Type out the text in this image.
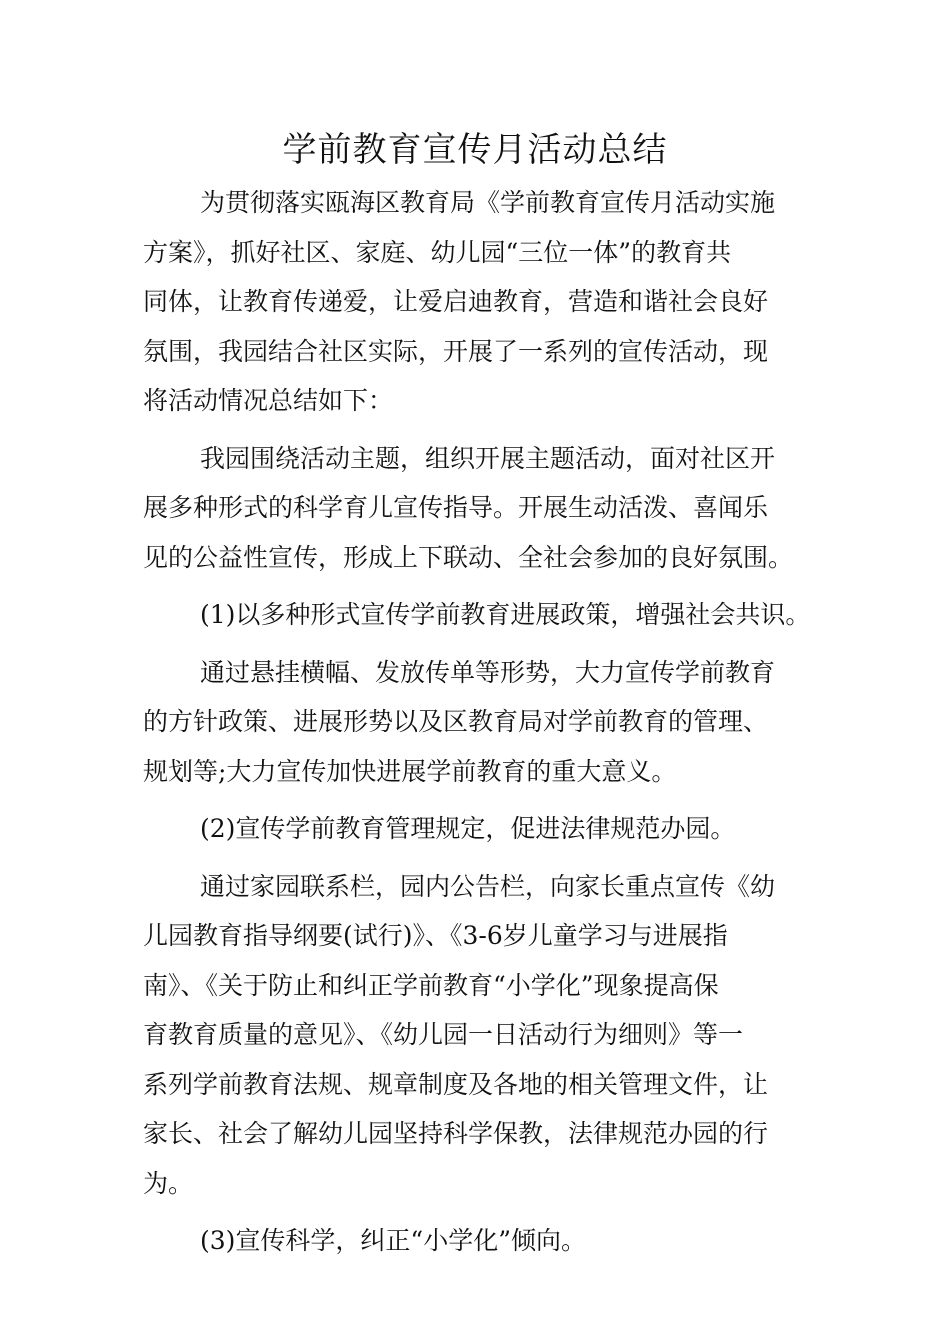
学前教育宣传月活动总结
为贯彻落实瓯海区教育局《学前教育宣传月活动实施
方案》，抓好社区、家庭、幼儿园“三位一体”的教育共
同体，让教育传递爱，让爱启迪教育，营造和谐社会良好
氛围，我园结合社区实际，开展了一系列的宣传活动，现
将活动情况总结如下：
我园围绕活动主题，组织开展主题活动，面对社区开
展多种形式的科学育儿宣传指导。开展生动活泼、喜闻乐
见的公益性宣传，形成上下联动、全社会参加的良好氛围。
(1)以多种形式宣传学前教育进展政策，增强社会共识。
通过悬挂横幅、发放传单等形势，大力宣传学前教育
的方针政策、进展形势以及区教育局对学前教育的管理、
规划等;大力宣传加快进展学前教育的重大意义。
(2)宣传学前教育管理规定，促进法律规范办园。
通过家园联系栏，园内公告栏，向家长重点宣传《幼
儿园教育指导纲要(试行)》、《3-6岁儿童学习与进展指
南》、《关于防止和纠正学前教育“小学化”现象提高保
育教育质量的意见》、《幼儿园一日活动行为细则》等一
系列学前教育法规、规章制度及各地的相关管理文件，让
家长、社会了解幼儿园坚持科学保教，法律规范办园的行
为。
(3)宣传科学，纠正“小学化”倾向。
